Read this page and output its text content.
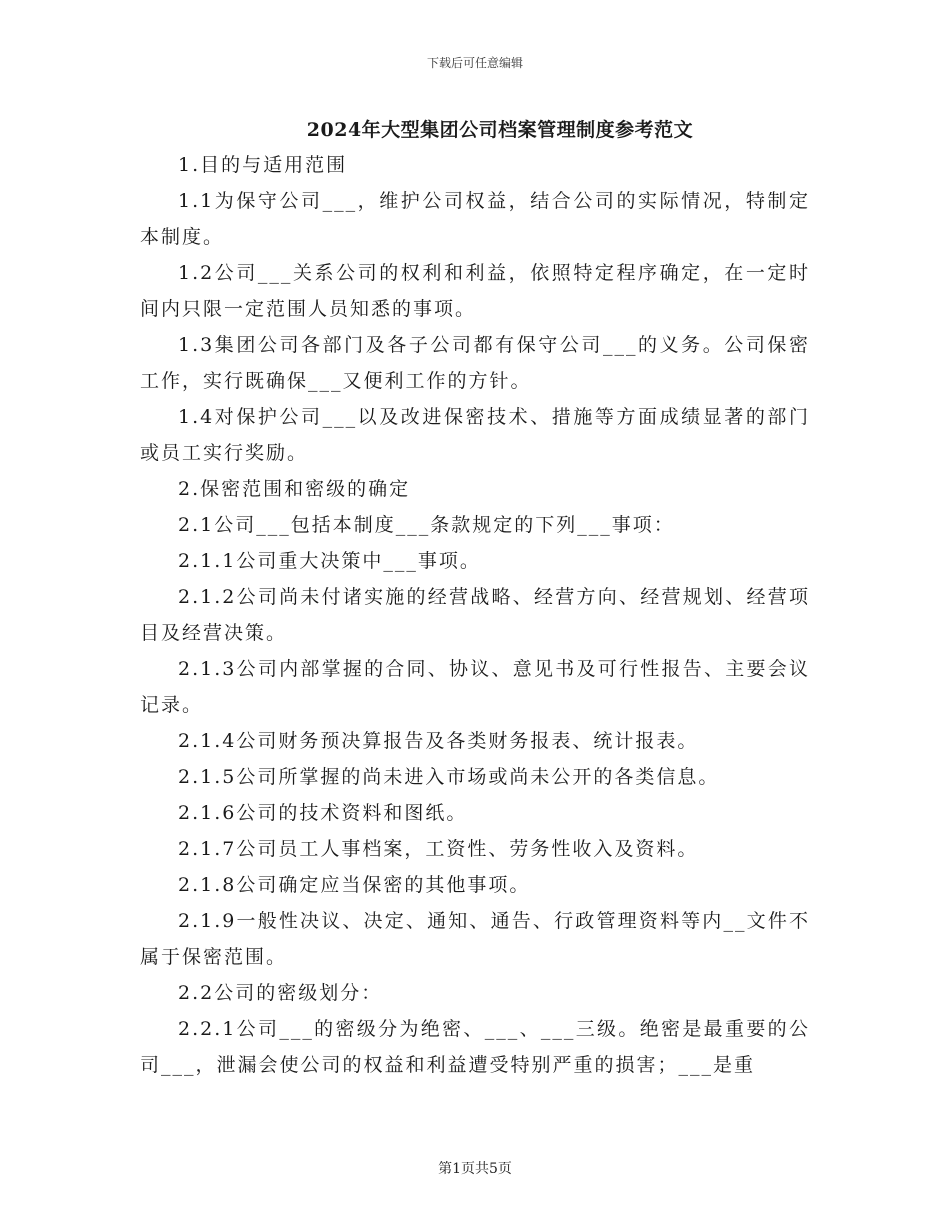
下载后可任意编辑
2024年大型集团公司档案管理制度参考范文

1.目的与适用范围

1.1为保守公司___，维护公司权益，结合公司的实际情况，特制定本制度。

1.2公司___关系公司的权利和利益，依照特定程序确定，在一定时间内只限一定范围人员知悉的事项。

1.3集团公司各部门及各子公司都有保守公司___的义务。公司保密工作，实行既确保___又便利工作的方针。

1.4对保护公司___以及改进保密技术、措施等方面成绩显著的部门或员工实行奖励。

2.保密范围和密级的确定

2.1公司___包括本制度___条款规定的下列___事项：

2.1.1公司重大决策中___事项。

2.1.2公司尚未付诸实施的经营战略、经营方向、经营规划、经营项目及经营决策。

2.1.3公司内部掌握的合同、协议、意见书及可行性报告、主要会议记录。

2.1.4公司财务预决算报告及各类财务报表、统计报表。

2.1.5公司所掌握的尚未进入市场或尚未公开的各类信息。

2.1.6公司的技术资料和图纸。

2.1.7公司员工人事档案，工资性、劳务性收入及资料。

2.1.8公司确定应当保密的其他事项。

2.1.9一般性决议、决定、通知、通告、行政管理资料等内__文件不属于保密范围。

2.2公司的密级划分：

2.2.1公司___的密级分为绝密、___、___三级。绝密是最重要的公司___，泄漏会使公司的权益和利益遭受特别严重的损害；___是重

第1页共5页
